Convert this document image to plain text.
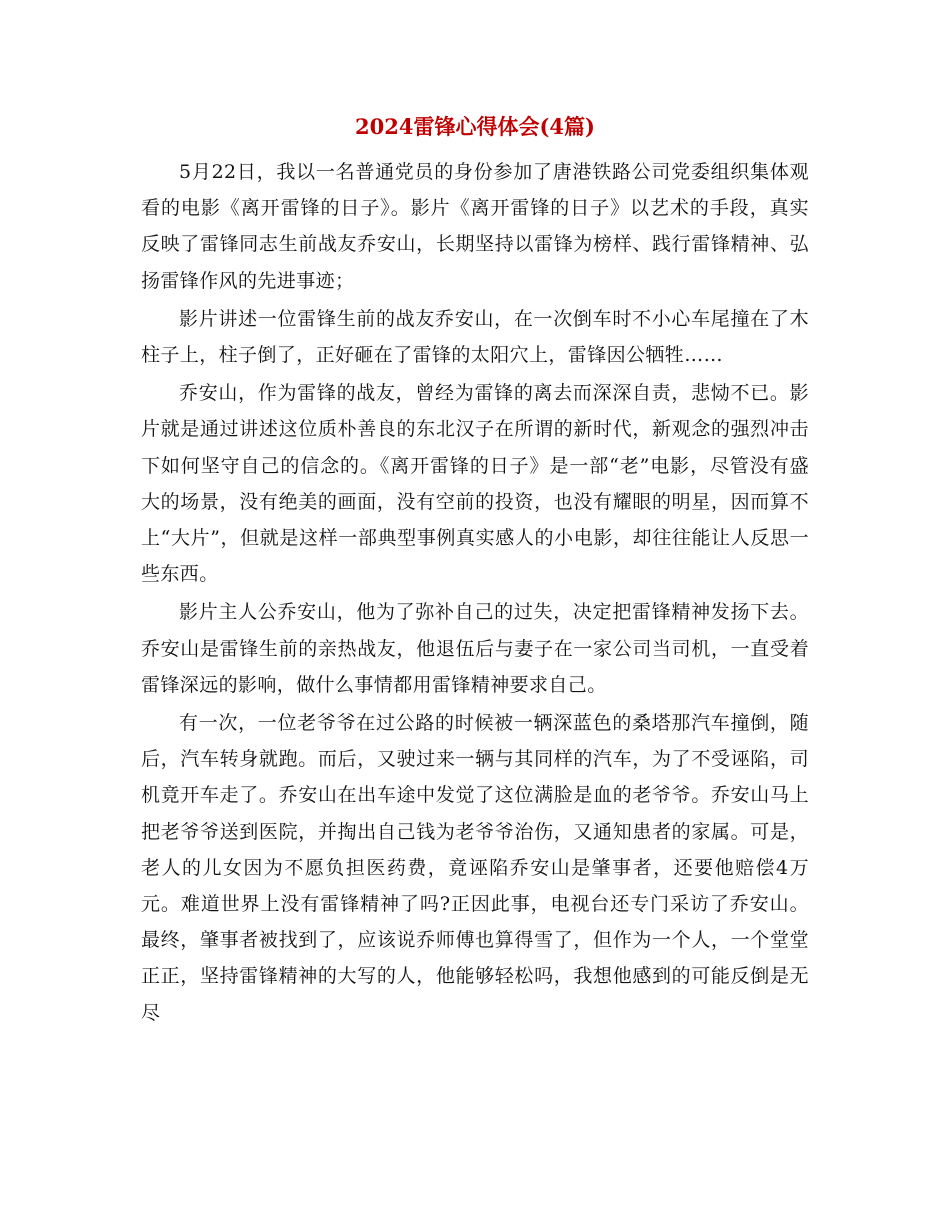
2024雷锋心得体会(4篇)

5月22日，我以一名普通党员的身份参加了唐港铁路公司党委组织集体观看的电影《离开雷锋的日子》。影片《离开雷锋的日子》以艺术的手段，真实反映了雷锋同志生前战友乔安山，长期坚持以雷锋为榜样、践行雷锋精神、弘扬雷锋作风的先进事迹；

影片讲述一位雷锋生前的战友乔安山，在一次倒车时不小心车尾撞在了木柱子上，柱子倒了，正好砸在了雷锋的太阳穴上，雷锋因公牺牲……

乔安山，作为雷锋的战友，曾经为雷锋的离去而深深自责，悲恸不已。影片就是通过讲述这位质朴善良的东北汉子在所谓的新时代，新观念的强烈冲击下如何坚守自己的信念的。《离开雷锋的日子》是一部“老”电影，尽管没有盛大的场景，没有绝美的画面，没有空前的投资，也没有耀眼的明星，因而算不上“大片”，但就是这样一部典型事例真实感人的小电影，却往往能让人反思一些东西。

影片主人公乔安山，他为了弥补自己的过失，决定把雷锋精神发扬下去。乔安山是雷锋生前的亲热战友，他退伍后与妻子在一家公司当司机，一直受着雷锋深远的影响，做什么事情都用雷锋精神要求自己。

有一次，一位老爷爷在过公路的时候被一辆深蓝色的桑塔那汽车撞倒，随后，汽车转身就跑。而后，又驶过来一辆与其同样的汽车，为了不受诬陷，司机竟开车走了。乔安山在出车途中发觉了这位满脸是血的老爷爷。乔安山马上把老爷爷送到医院，并掏出自己钱为老爷爷治伤，又通知患者的家属。可是，老人的儿女因为不愿负担医药费，竟诬陷乔安山是肇事者，还要他赔偿4万元。难道世界上没有雷锋精神了吗?正因此事，电视台还专门采访了乔安山。最终，肇事者被找到了，应该说乔师傅也算得雪了，但作为一个人，一个堂堂正正，坚持雷锋精神的大写的人，他能够轻松吗，我想他感到的可能反倒是无尽
